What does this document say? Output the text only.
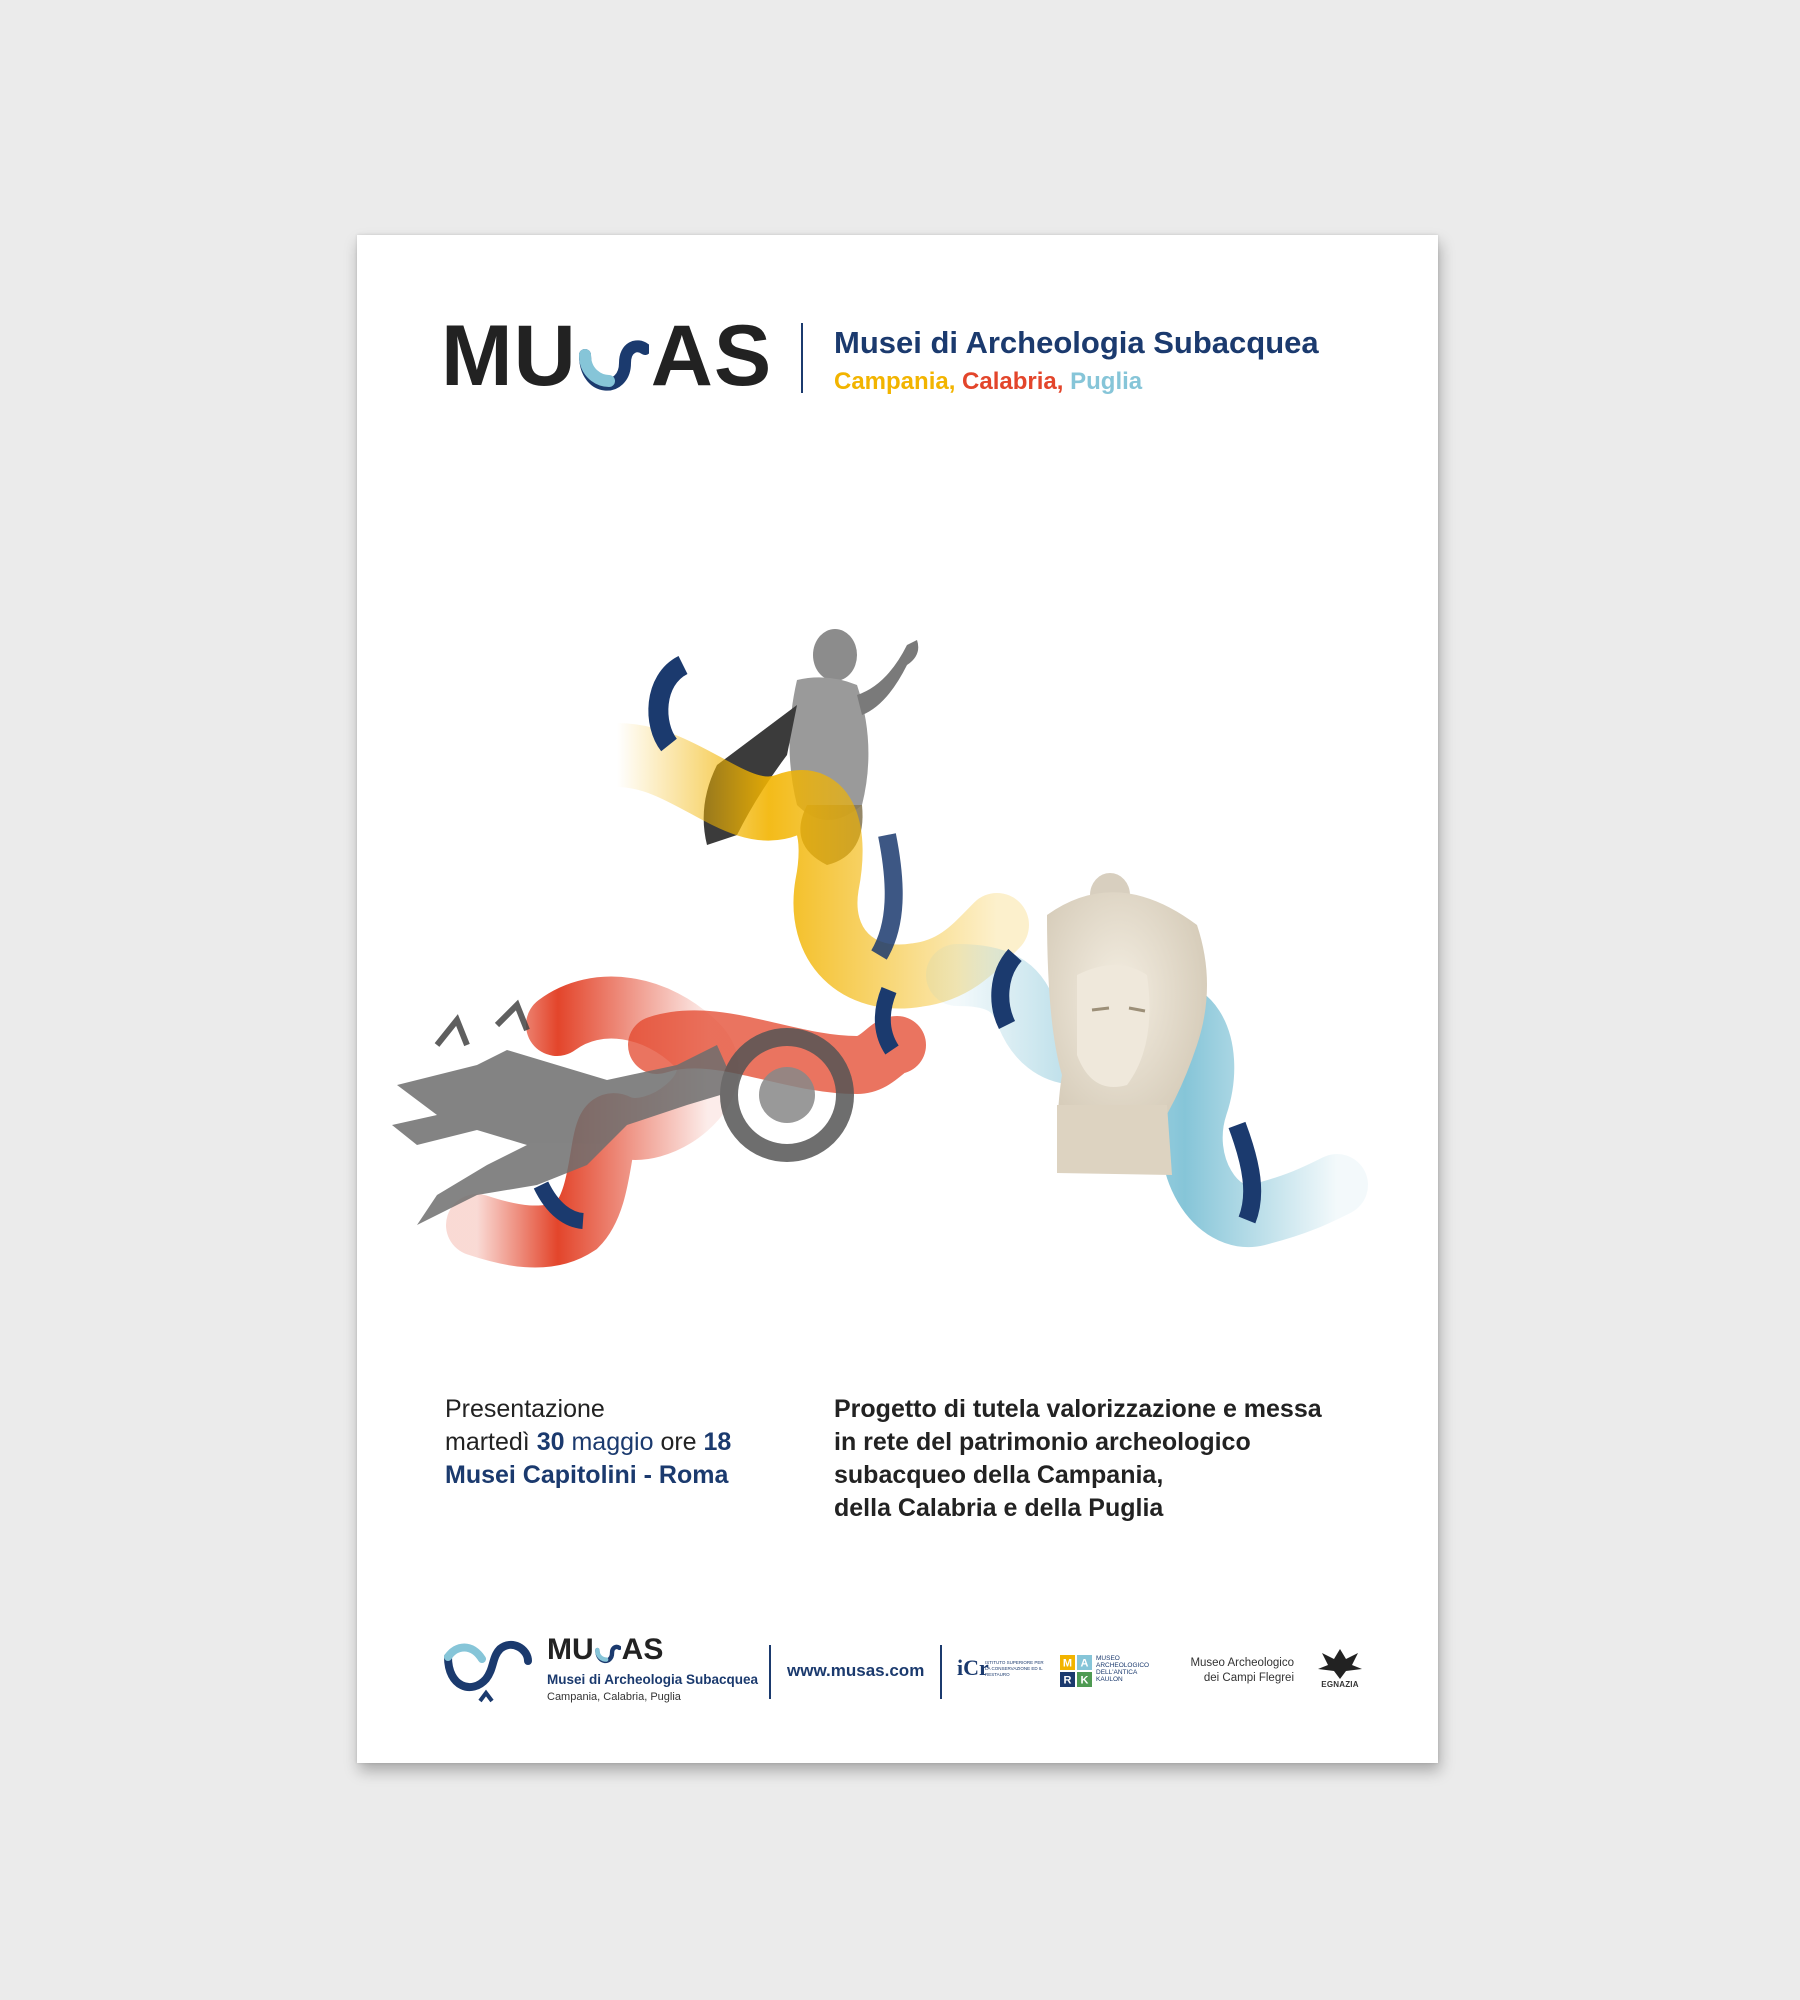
MU AS Musei di Archeologia Subacquea
Campania, Calabria, Puglia
Presentazione
martedì 30 maggio ore 18
Musei Capitolini - Roma
Progetto di tutela valorizzazione e messa
in rete del patrimonio archeologico
subacqueo della Campania,
della Calabria e della Puglia
MU AS
Musei di Archeologia Subacquea
Campania, Calabria, Puglia
www.musas.com iCr
ISTITUTO SUPERIORE PER LA CONSERVAZIONE ED IL RESTAURO
M A
R K
MUSEO
ARCHEOLOGICO
DELL'ANTICA
KAULON
Museo Archeologico
dei Campi Flegrei
EGNAZIA
